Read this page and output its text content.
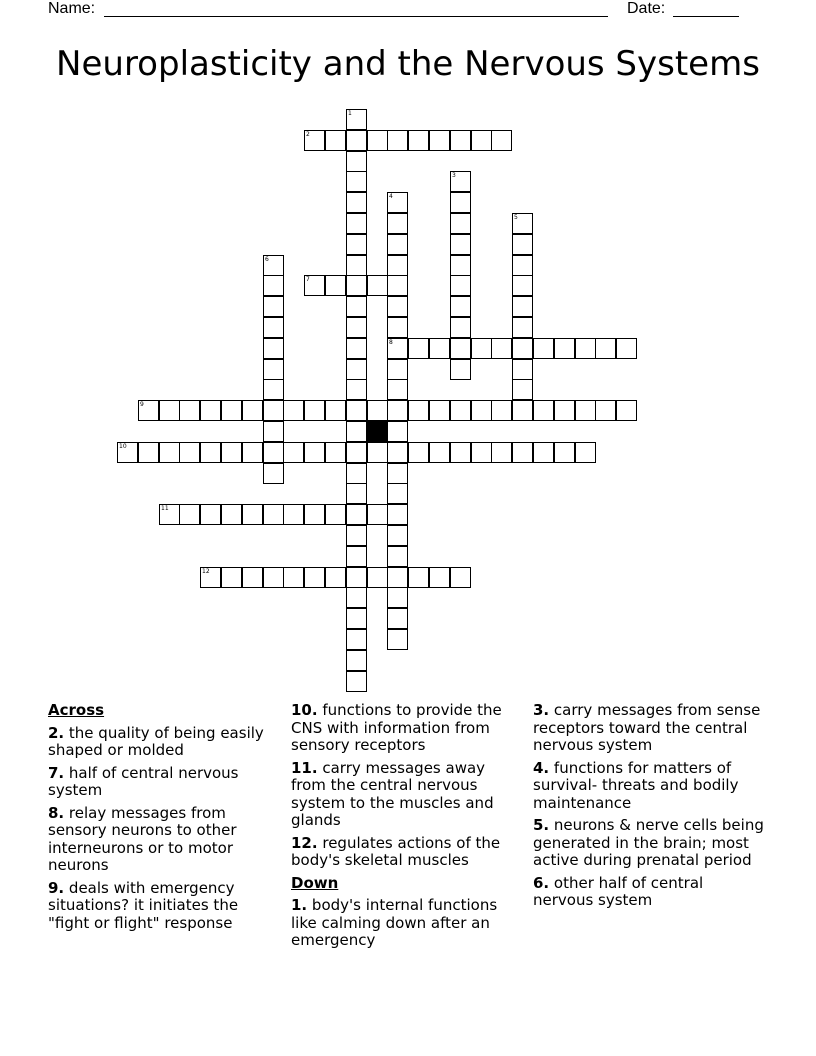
Name:	Date:
Neuroplasticity and the Nervous Systems
1
2
3
4
8
5
6
7
9
10
11
12
Across
2. the quality of being easily shaped or molded
7. half of central nervous system
8. relay messages from sensory neurons to other interneurons or to motor neurons
9. deals with emergency situations? it initiates the "fight or flight" response
10. functions to provide the CNS with information from sensory receptors
11. carry messages away from the central nervous system to the muscles and glands
12. regulates actions of the body's skeletal muscles
Down
1. body's internal functions like calming down after an emergency
3. carry messages from sense receptors toward the central nervous system
4. functions for matters of survival- threats and bodily maintenance
5. neurons & nerve cells being generated in the brain; most active during prenatal period
6. other half of central nervous system
